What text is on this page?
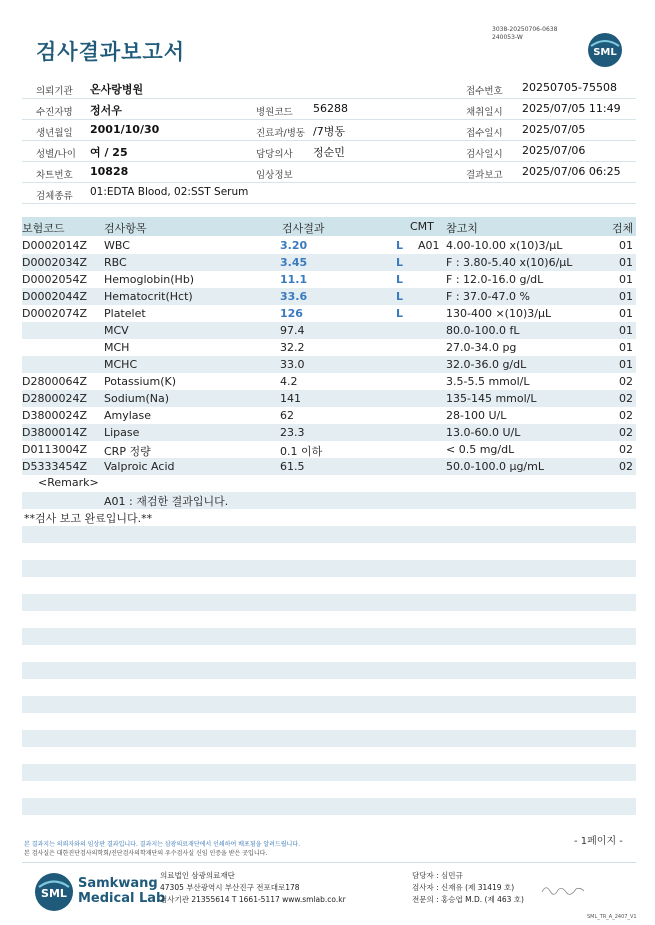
검사결과보고서
3038-20250706-0638
240053-W
SML
의뢰기관 온사랑병원	접수번호 20250705-75508
수진자명 정서우	병원코드 56288	채취일시 2025/07/05 11:49
생년월일 2001/10/30	진료과/병동 /7병동	접수일시 2025/07/05
성별/나이 여 / 25	담당의사 정순민	검사일시 2025/07/06
차트번호 10828	임상정보	결과보고 2025/07/06 06:25
검체종류 01:EDTA Blood, 02:SST Serum
보험코드	검사항목	검사결과	CMT 참고치	검체
D0002014Z WBC	3.20	L A01 4.00-10.00 x(10)3/μL	01
D0002034Z RBC	3.45	L	F : 3.80-5.40 x(10)6/μL	01
D0002054Z Hemoglobin(Hb)	11.1	L	F : 12.0-16.0 g/dL	01
D0002044Z Hematocrit(Hct)	33.6	L	F : 37.0-47.0 %	01
D0002074Z Platelet	126	L	130-400 ×(10)3/μL	01
MCV	97.4	80.0-100.0 fL	01
MCH	32.2	27.0-34.0 pg	01
MCHC	33.0	32.0-36.0 g/dL	01
D2800064Z Potassium(K)	4.2	3.5-5.5 mmol/L	02
D2800024Z Sodium(Na)	141	135-145 mmol/L	02
D3800024Z Amylase	62	28-100 U/L	02
D3800014Z Lipase	23.3	13.0-60.0 U/L	02
D0113004Z CRP 정량	0.1 이하	< 0.5 mg/dL	02
D5333454Z Valproic Acid	61.5	50.0-100.0 μg/mL	02
<Remark>
A01 : 재검한 결과입니다.
**검사 보고 완료입니다.**
- 1페이지 -
본 결과지는 의뢰자와의 임상판 결과입니다. 결과지는 삼광의료재단에서 인쇄하여 배포됨을 알려드립니다.
본 검사실은 대한진단검사의학회/진단검사의학재단의 우수검사실 신임 인증을 받은 곳입니다.
SML
Samkwang
Medical Lab
의료법인 삼광의료재단
47305 부산광역시 부산진구 전포대로178
검사기관 21355614 T 1661-5117 www.smlab.co.kr
담당자 : 심민규
검사자 : 신재유 (제 31419 호)
전문의 : 홍승엽 M.D. (제 463 호)
SML_TR_A_2407_V1
